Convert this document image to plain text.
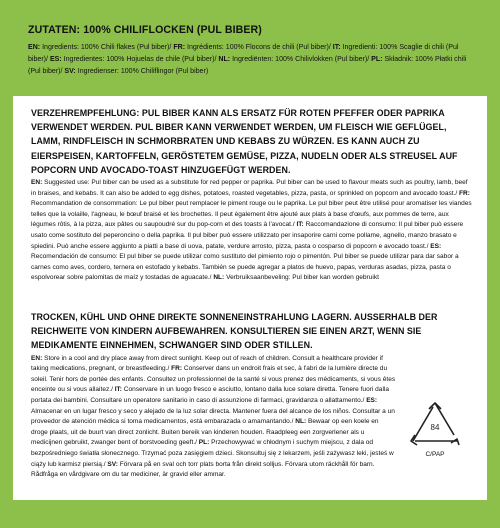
ZUTATEN: 100% CHILIFLOCKEN (PUL BIBER)
EN: Ingredients: 100% Chili flakes (Pul biber)/ FR: Ingrédients: 100% Flocons de chili (Pul biber)/ IT: Ingredienti: 100% Scaglie di chili (Pul biber)/ ES: Ingredientes: 100% Hojuelas de chile (Pul biber)/ NL: Ingrediënten: 100% Chilivlokken (Pul biber)/ PL: Składnik: 100% Płatki chili (Pul biber)/ SV: Ingredienser: 100% Chiliflingor (Pul biber)
VERZEHREMPFEHLUNG: PUL BIBER KANN ALS ERSATZ FÜR ROTEN PFEFFER ODER PAPRIKA VERWENDET WERDEN. PUL BIBER KANN VERWENDET WERDEN, UM FLEISCH WIE GEFLÜGEL, LAMM, RINDFLEISCH IN SCHMORBRATEN UND KEBABS ZU WÜRZEN. ES KANN AUCH ZU EIERSPEISEN, KARTOFFELN, GERÖSTETEM GEMÜSE, PIZZA, NUDELN ODER ALS STREUSEL AUF POPCORN UND AVOCADO-TOAST HINZUGEFÜGT WERDEN.
EN: Suggested use: Pul biber can be used as a substitute for red pepper or paprika. Pul biber can be used to flavour meats such as poultry, lamb, beef in braises, and kebabs. It can also be added to egg dishes, potatoes, roasted vegetables, pizza, pasta, or sprinkled on popcorn and avocado toast./ FR: Recommandation de consommation: Le pul biber peut remplacer le piment rouge ou le paprika. Le pul biber peut être utilisé pour aromatiser les viandes telles que la volaille, l'agneau, le bœuf braisé et les brochettes. Il peut également être ajouté aux plats à base d'œufs, aux pommes de terre, aux légumes rôtis, à la pizza, aux pâtes ou saupoudré sur du pop-corn et des toasts à l'avocat./ IT: Raccomandazione di consumo: Il pul biber può essere usato come sostituto del peperoncino o della paprika. Il pul biber può essere utilizzato per insaporire carni come pollame, agnello, manzo brasato e spiedini. Può anche essere aggiunto a piatti a base di uova, patate, verdure arrosto, pizza, pasta o cosparso di popcorn e avocado toast./ ES: Recomendación de consumo: El pul biber se puede utilizar como sustituto del pimiento rojo o pimentón. Pul biber se puede utilizar para dar sabor a carnes como aves, cordero, ternera en estofado y kebabs. También se puede agregar a platos de huevo, papas, verduras asadas, pizza, pasta o espolvorear sobre palomitas de maíz y tostadas de aguacate./ NL: Verbruiksaanbeveling: Pul biber kan worden gebruikt
TROCKEN, KÜHL UND OHNE DIREKTE SONNENEINSTRAHLUNG LAGERN. AUSSERHALB DER REICHWEITE VON KINDERN AUFBEWAHREN. KONSULTIEREN SIE EINEN ARZT, WENN SIE MEDIKAMENTE EINNEHMEN, SCHWANGER SIND ODER STILLEN.
EN: Store in a cool and dry place away from direct sunlight. Keep out of reach of children. Consult a healthcare provider if taking medications, pregnant, or breastfeeding./ FR: Conserver dans un endroit frais et sec, à l'abri de la lumière directe du soleil. Tenir hors de portée des enfants. Consultez un professionnel de la santé si vous prenez des médicaments, si vous êtes enceinte ou si vous allaitez./ IT: Conservare in un luogo fresco e asciutto, lontano dalla luce solare diretta. Tenere fuori dalla portata dei bambini. Consultare un operatore sanitario in caso di assunzione di farmaci, gravidanza o allattamento./ ES: Almacenar en un lugar fresco y seco y alejado de la luz solar directa. Mantener fuera del alcance de los niños. Consultar a un proveedor de atención médica si toma medicamentos, está embarazada o amamantando./ NL: Bewaar op een koele en droge plaats, uit de buurt van direct zonlicht. Buiten bereik van kinderen houden. Raadpleeg een zorgverlener als u medicijnen gebruikt, zwanger bent of borstvoeding geeft./ PL: Przechowywać w chłodnym i suchym miejscu, z dala od bezpośredniego światła słonecznego. Trzymać poza zasięgiem dzieci. Skonsultuj się z lekarzem, jeśli zażywasz leki, jesteś w ciąży lub karmisz piersią./ SV: Förvara på en sval och torr plats borta från direkt solljus. Förvara utom räckhåll för barn. Rådfråga en vårdgivare om du tar mediciner, är gravid eller ammar.
84
C/PAP
